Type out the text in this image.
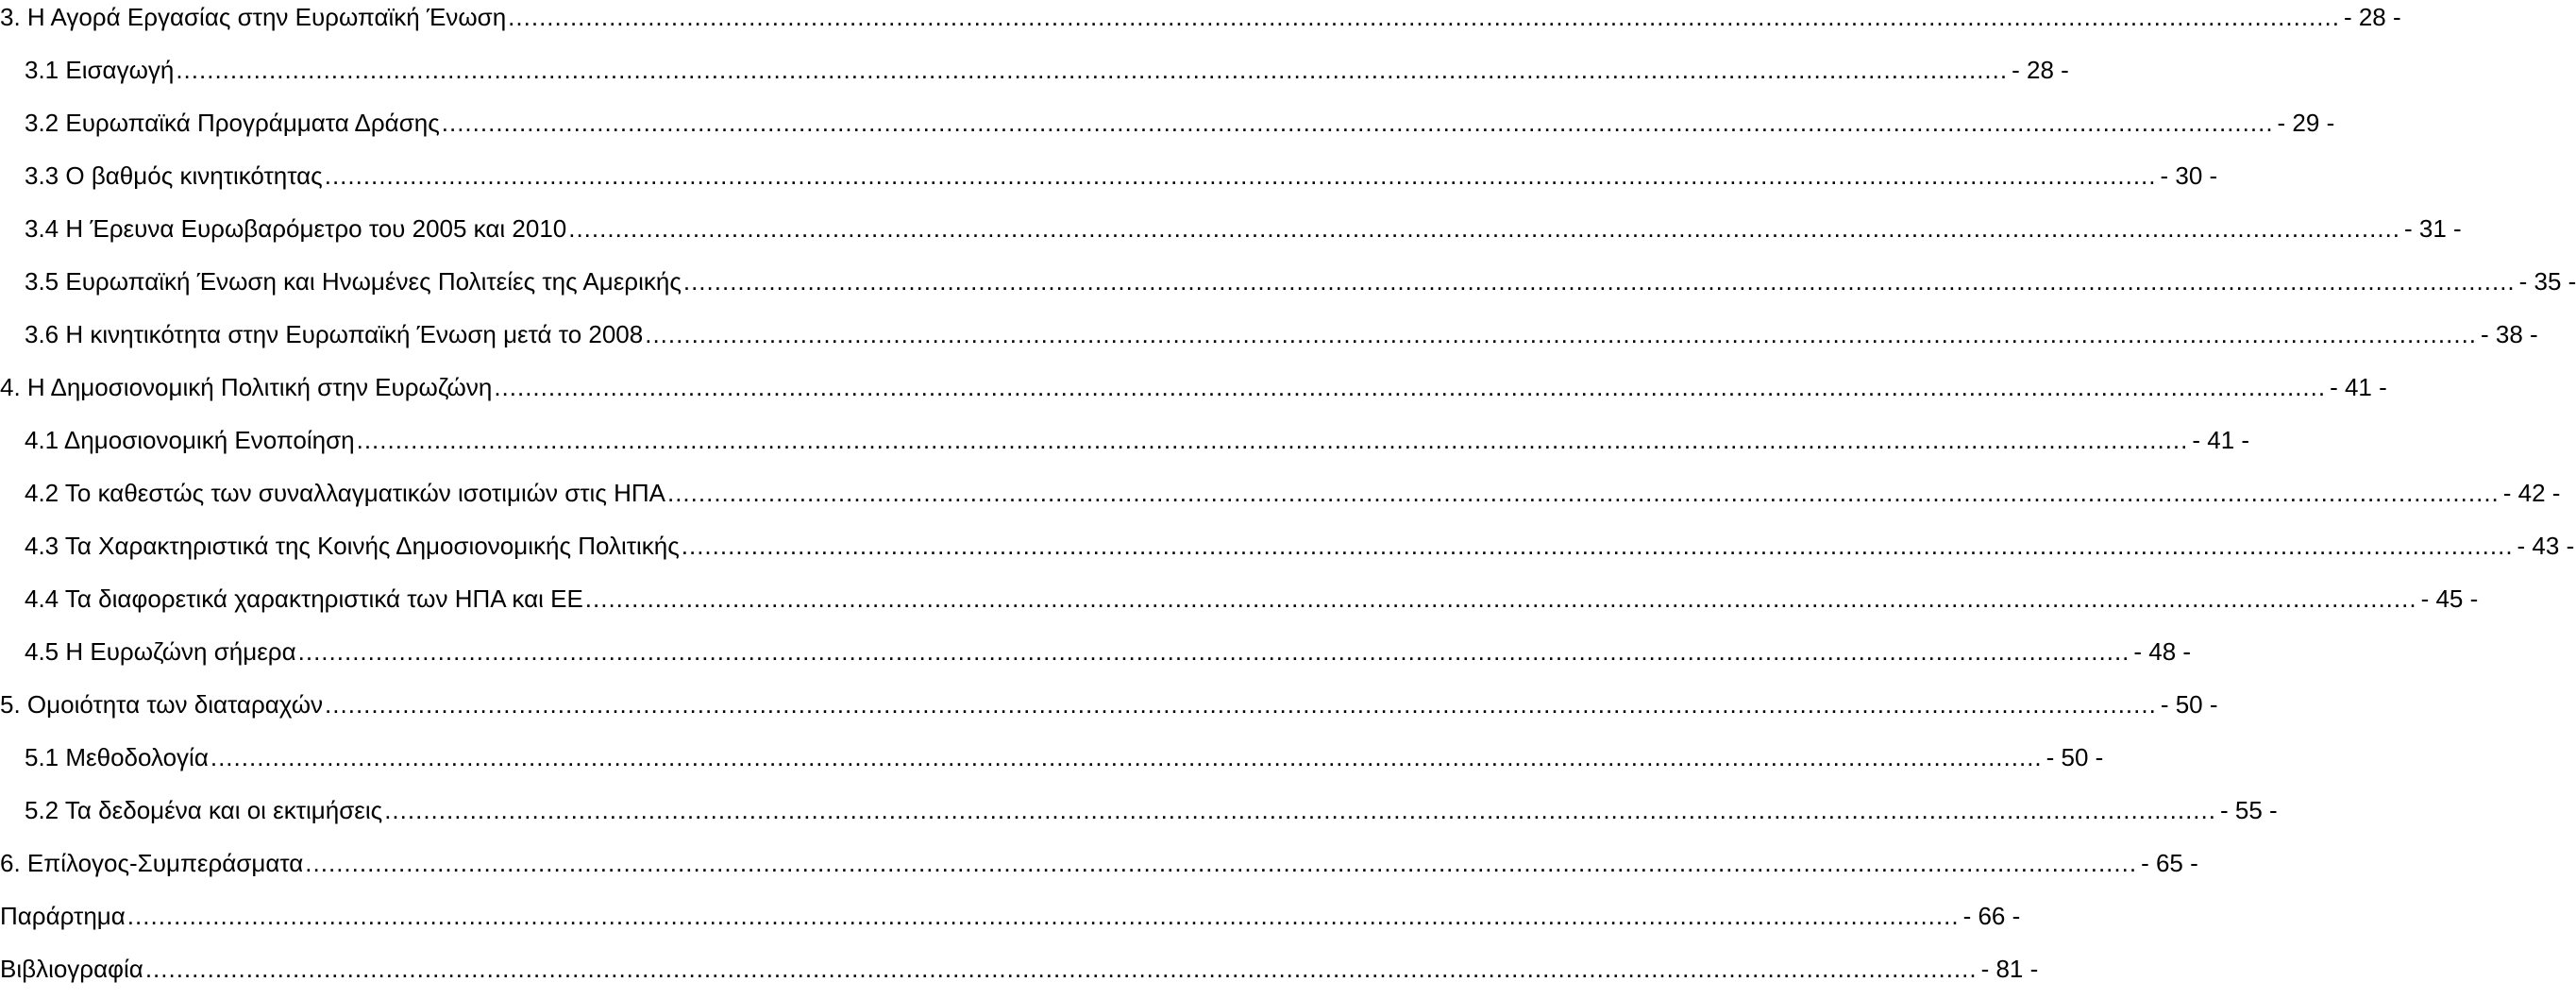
3. Η Αγορά Εργασίας στην Ευρωπαϊκή Ένωση .....	- 28 -
3.1 Εισαγωγή .....	- 28 -
3.2 Ευρωπαϊκά Προγράμματα Δράσης .....	- 29 -
3.3 Ο βαθμός κινητικότητας .....	- 30 -
3.4 Η Έρευνα Ευρωβαρόμετρο του 2005 και 2010 .....	- 31 -
3.5 Ευρωπαϊκή Ένωση και Ηνωμένες Πολιτείες της Αμερικής .....	- 35 -
3.6 Η κινητικότητα στην Ευρωπαϊκή Ένωση μετά το 2008 .....	- 38 -
4. Η Δημοσιονομική Πολιτική στην Ευρωζώνη .....	- 41 -
4.1 Δημοσιονομική Ενοποίηση .....	- 41 -
4.2 Το καθεστώς των συναλλαγματικών ισοτιμιών στις ΗΠΑ .....	- 42 -
4.3 Τα Χαρακτηριστικά της Κοινής Δημοσιονομικής Πολιτικής .....	- 43 -
4.4 Τα διαφορετικά χαρακτηριστικά των ΗΠΑ και ΕΕ .....	- 45 -
4.5 Η Ευρωζώνη σήμερα .....	- 48 -
5. Ομοιότητα των διαταραχών .....	- 50 -
5.1 Μεθοδολογία .....	- 50 -
5.2 Τα δεδομένα και οι εκτιμήσεις .....	- 55 -
6. Επίλογος-Συμπεράσματα .....	- 65 -
Παράρτημα .....	- 66 -
Βιβλιογραφία .....	- 81 -
